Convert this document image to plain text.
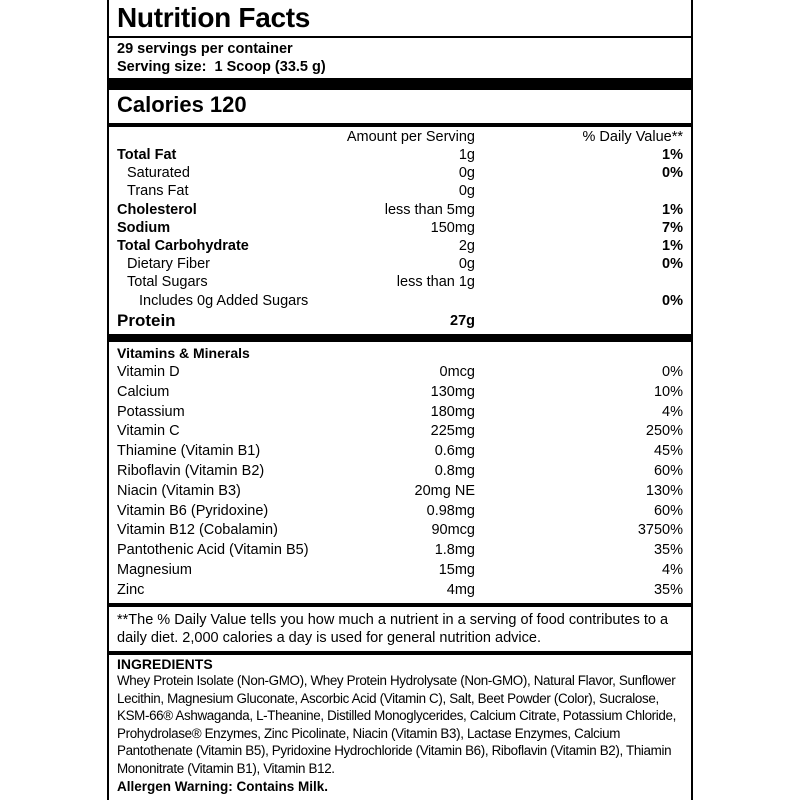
Nutrition Facts
29 servings per container
Serving size:  1 Scoop (33.5 g)
Calories 120
Amount per Serving	% Daily Value**
Total Fat	1g	1%
Saturated	0g	0%
Trans Fat	0g
Cholesterol	less than 5mg	1%
Sodium	150mg	7%
Total Carbohydrate	2g	1%
Dietary Fiber	0g	0%
Total Sugars	less than 1g
Includes 0g Added Sugars	0%
Protein	27g
Vitamins & Minerals
Vitamin D	0mcg	0%
Calcium	130mg	10%
Potassium	180mg	4%
Vitamin C	225mg	250%
Thiamine (Vitamin B1)	0.6mg	45%
Riboflavin (Vitamin B2)	0.8mg	60%
Niacin (Vitamin B3)	20mg NE	130%
Vitamin B6 (Pyridoxine)	0.98mg	60%
Vitamin B12 (Cobalamin)	90mcg	3750%
Pantothenic Acid (Vitamin B5)	1.8mg	35%
Magnesium	15mg	4%
Zinc	4mg	35%
**The % Daily Value tells you how much a nutrient in a serving of food contributes to a daily diet. 2,000 calories a day is used for general nutrition advice.
INGREDIENTS
Whey Protein Isolate (Non-GMO), Whey Protein Hydrolysate (Non-GMO), Natural Flavor, Sunflower Lecithin, Magnesium Gluconate, Ascorbic Acid (Vitamin C), Salt, Beet Powder (Color), Sucralose, KSM-66® Ashwaganda, L-Theanine, Distilled Monoglycerides, Calcium Citrate, Potassium Chloride, Prohydrolase® Enzymes, Zinc Picolinate, Niacin (Vitamin B3), Lactase Enzymes, Calcium Pantothenate (Vitamin B5), Pyridoxine Hydrochloride (Vitamin B6), Riboflavin (Vitamin B2), Thiamin Mononitrate (Vitamin B1), Vitamin B12.
Allergen Warning: Contains Milk.
